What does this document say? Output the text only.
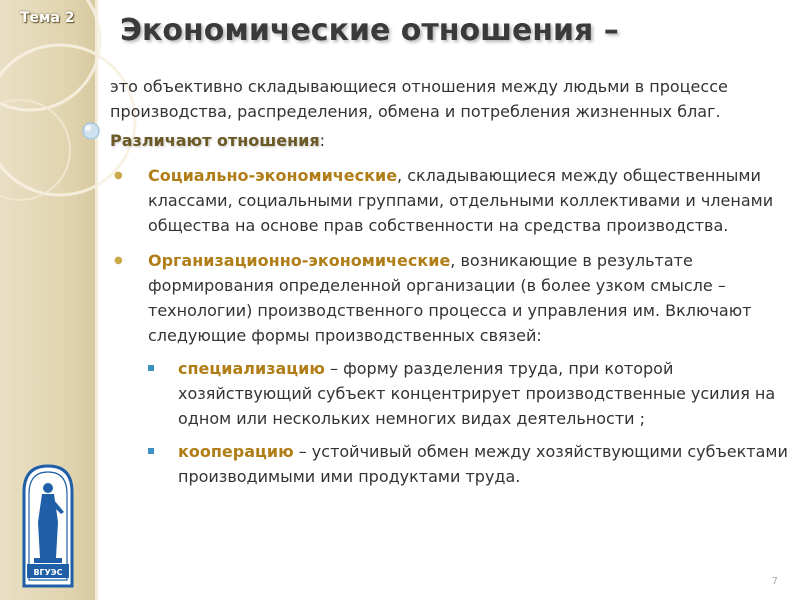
Тема 2 Экономические отношения –

это объективно складывающиеся отношения между людьми в процессе производства, распределения, обмена и потребления жизненных благ.

Различают отношения:

● Социально-экономические, складывающиеся между общественными классами, социальными группами, отдельными коллективами и членами общества на основе прав собственности на средства производства.
● Организационно-экономические, возникающие в результате формирования определенной организации (в более узком смысле – технологии) производственного процесса и управления им. Включают следующие формы производственных связей:
специализацию – форму разделения труда, при которой хозяйствующий субъект концентрирует производственные усилия на одном или нескольких немногих видах деятельности ;
кооперацию – устойчивый обмен между хозяйствующими субъектами производимыми ими продуктами труда.
ВГУЭС
7
